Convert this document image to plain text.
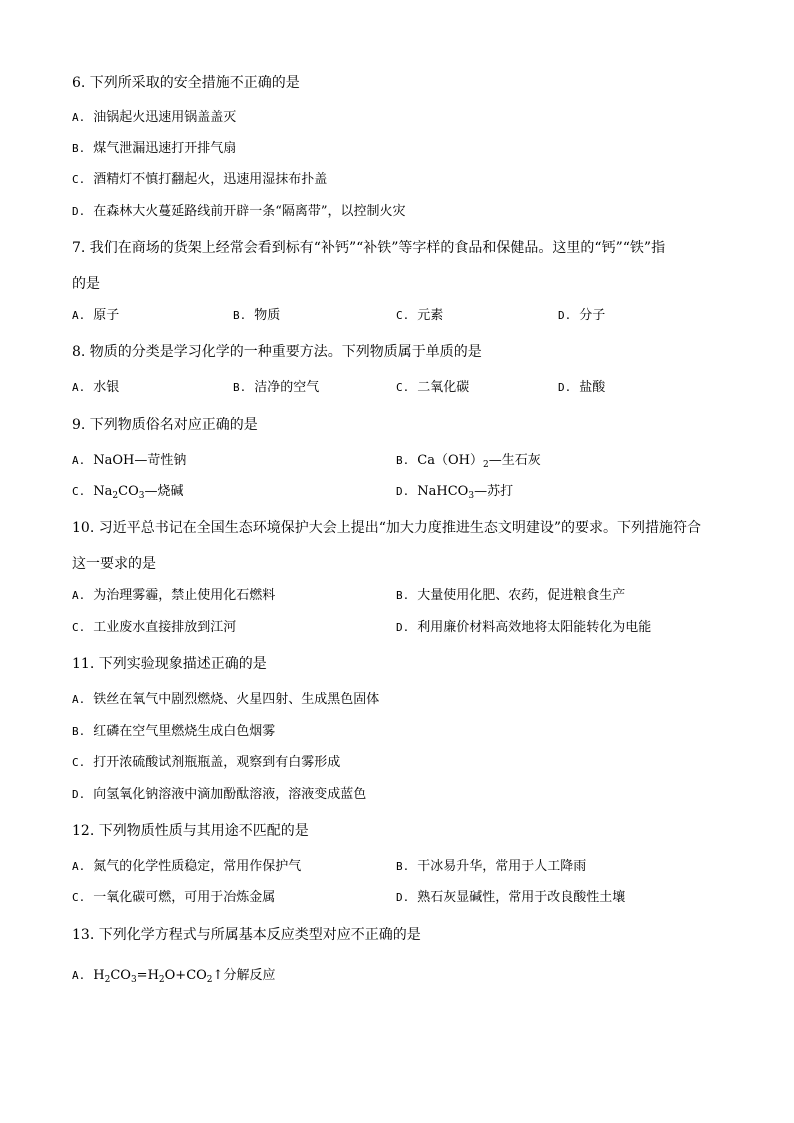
6. 下列所采取的安全措施不正确的是
A. 油锅起火迅速用锅盖盖灭
B. 煤气泄漏迅速打开排气扇
C. 酒精灯不慎打翻起火，迅速用湿抹布扑盖
D. 在森林大火蔓延路线前开辟一条“隔离带”，以控制火灾
7. 我们在商场的货架上经常会看到标有“补钙”“补铁”等字样的食品和保健品。这里的“钙”“铁”指
的是
A. 原子	B. 物质	C. 元素	D. 分子
8. 物质的分类是学习化学的一种重要方法。下列物质属于单质的是
A. 水银	B. 洁净的空气	C. 二氧化碳	D. 盐酸
9. 下列物质俗名对应正确的是
A. NaOH—苛性钠	B. $Ca(OH)_2—$生石灰
C. $Na_2CO_3—$烧碱	D. NaHCO$_3$—苏打
10. 习近平总书记在全国生态环境保护大会上提出“加大力度推进生态文明建设”的要求。下列措施符合
这一要求的是
A. 为治理雾霾，禁止使用化石燃料	B. 大量使用化肥、农药，促进粮食生产
C. 工业废水直接排放到江河	D. 利用廉价材料高效地将太阳能转化为电能
11. 下列实验现象描述正确的是
A. 铁丝在氧气中剧烈燃烧、火星四射、生成黑色固体
B. 红磷在空气里燃烧生成白色烟雾
C. 打开浓硫酸试剂瓶瓶盖，观察到有白雾形成
D. 向氢氧化钠溶液中滴加酚酞溶液，溶液变成蓝色
12. 下列物质性质与其用途不匹配的是
A. 氮气的化学性质稳定，常用作保护气	B. 干冰易升华，常用于人工降雨
C. 一氧化碳可燃，可用于冶炼金属	D. 熟石灰显碱性，常用于改良酸性土壤
13. 下列化学方程式与所属基本反应类型对应不正确的是
A. $H_2CO_3=H_2O+CO_2↑$分解反应
